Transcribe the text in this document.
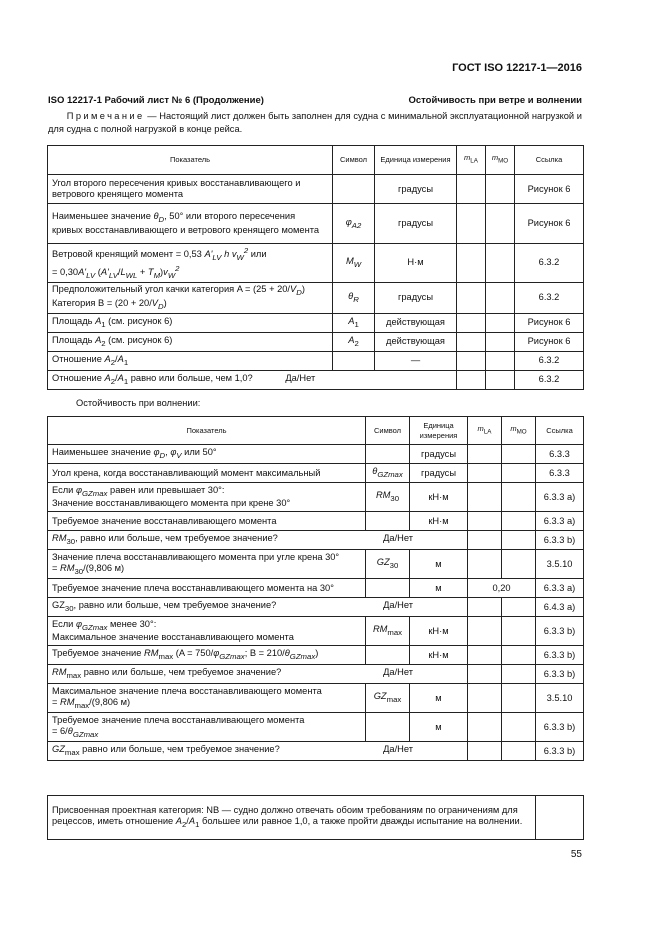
ГОСТ ISO 12217-1—2016
ISO 12217-1 Рабочий лист № 6 (Продолжение)	Остойчивость при ветре и волнении
Примечание — Настоящий лист должен быть заполнен для судна с минимальной эксплуатационной нагрузкой и для судна с полной нагрузкой в конце рейса.
Показатель	Символ	Единица измерения	$m_{LA}$	$m_{MO}$	Ссылка
Угол второго пересечения кривых восстанавливающего и ветрового кренящего момента		градусы			Рисунок 6
Наименьшее значение $\theta_D$, 50° или второго пересечения кривых восстанавливающего и ветрового кренящего момента	$\varphi_{A2}$	градусы			Рисунок 6
Ветровой кренящий момент = 0,53 $A'_{LV}$ h $v_W^2$ или
= $0,30A'_{LV}$ $(A'_{LV}/L_{WL} + T_M)v_W^2$	$M_W$	Н·м			6.3.2
Предположительный угол качки категория $A = (25 + 20/V_D)$
Категория $B = (20 + 20/V_D)$	$\theta_R$	градусы			6.3.2
Площадь $A_1$ (см. рисунок 6)	$A_1$	действующая			Рисунок 6
Площадь $A_2$ (см. рисунок 6)	$A_2$	действующая			Рисунок 6
Отношение $A_2/A_1$		—			6.3.2
Отношение $A_2/A_1$ равно или больше, чем 1,0? Да/Нет					6.3.2
Остойчивость при волнении:
Показатель	Символ	Единица измерения	$m_{LA}$	$m_{MO}$	Ссылка
Наименьшее значение $\varphi_D$, $\varphi_V$ или 50°		градусы			6.3.3
Угол крена, когда восстанавливающий момент максимальный	$\theta_{GZmax}$	градусы			6.3.3
Если $\varphi_{GZmax}$ равен или превышает 30°:
Значение восстанавливающего момента при крене 30°	$RM_{30}$	кН·м			6.3.3 a)
Требуемое значение восстанавливающего момента		кН·м			6.3.3 a)
$RM_{30}$, равно или больше, чем требуемое значение? Да/Нет					6.3.3 b)
Значение плеча восстанавливающего момента при угле крена 30°
= $RM_{30}/(9,806$ м)	$GZ_{30}$	м			3.5.10
Требуемое значение плеча восстанавливающего момента на 30°		м	0,20		6.3.3 a)
$GZ_{30}$, равно или больше, чем требуемое значение? Да/Нет					6.4.3 a)
Если $\varphi_{GZmax}$ менее 30°:
Максимальное значение восстанавливающего момента	$RM_{max}$	кН·м			6.3.3 b)
Требуемое значение $RM_{max}$ ($A = 750/\varphi_{GZmax}$; $B = 210/\theta_{GZmax}$)		кН·м			6.3.3 b)
$RM_{max}$ равно или больше, чем требуемое значение? Да/Нет					6.3.3 b)
Максимальное значение плеча восстанавливающего момента
= $RM_{max}/(9,806$ м)	$GZ_{max}$	м			3.5.10
Требуемое значение плеча восстанавливающего момента
= $6/\theta_{GZmax}$		м			6.3.3 b)
$GZ_{max}$ равно или больше, чем требуемое значение? Да/Нет					6.3.3 b)
Присвоенная проектная категория: NB — судно должно отвечать обоим требованиям по ограничениям для рецессов, иметь отношение $A_2/A_1$ большее или равное 1,0, а также пройти дважды испытание на волнении.	
55
